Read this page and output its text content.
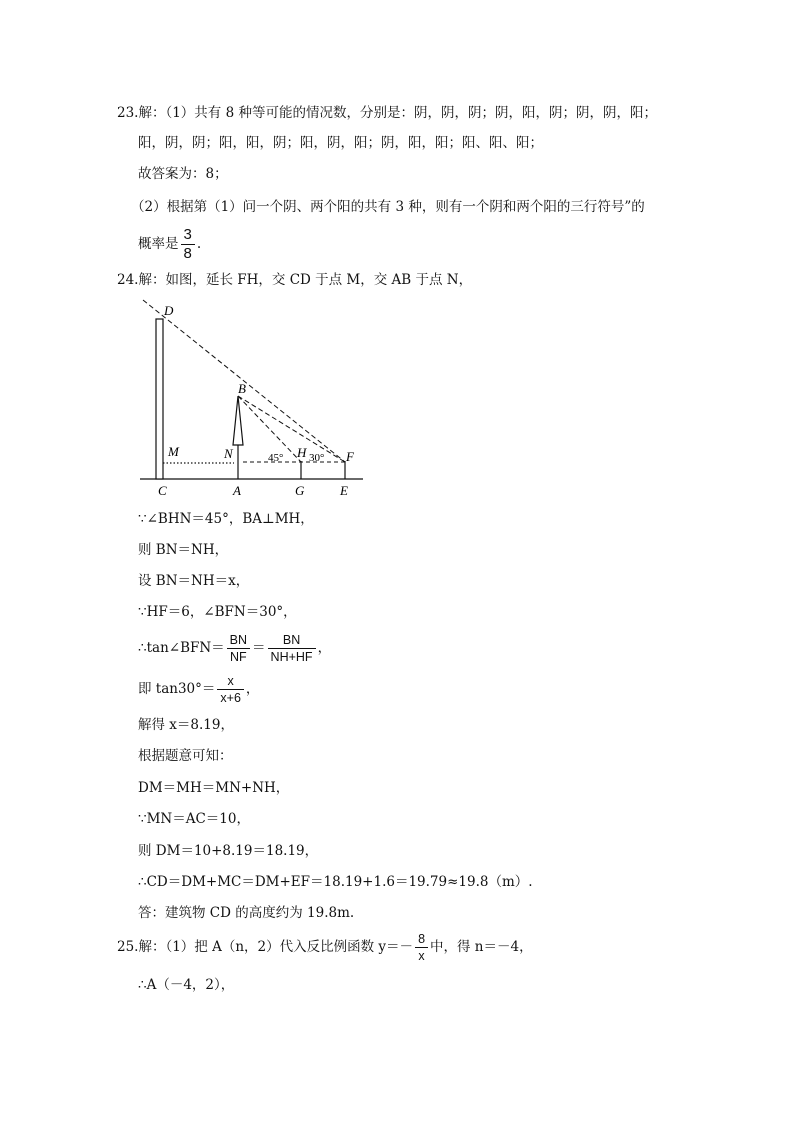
23.解：（1）共有 8 种等可能的情况数，分别是：阴，阴，阴；阴，阳，阴；阴，阴，阳；
阳，阴，阴；阳，阳，阴；阳，阴，阳；阴，阳，阳；阳、阳、阳；
故答案为：8；
（2）根据第（1）问一个阴、两个阳的共有 3 种，则有一个阴和两个阳的三行符号”的
概率是 $\frac{3}{8}$ .
24.解：如图，延长 FH，交 CD 于点 M，交 AB 于点 N，
D
B
M	N	H	F
C	A	G	E
45° 30°
∵∠BHN＝45°，BA⊥MH，
则 BN＝NH，
设 BN＝NH＝x，
∵HF＝6，∠BFN＝30°，
∴tan∠BFN＝ $\frac{BN}{NF} = \frac{BN}{NH+HF}$ ，
即 $\tan 30^\circ= \frac{x}{x+6}$ ，
解得 x＝8.19，
根据题意可知：
DM＝MH＝MN+NH，
∵MN＝AC＝10，
则 DM＝10+8.19＝18.19，
∴CD＝DM+MC＝DM+EF＝18.19+1.6＝19.79≈19.8（m）.
答：建筑物 CD 的高度约为 19.8m.
25.解：（1）把 A（n，2）代入反比例函数 $y=- \frac{8}{x}$ 中，得 n＝－4，
∴A（－4，2），
